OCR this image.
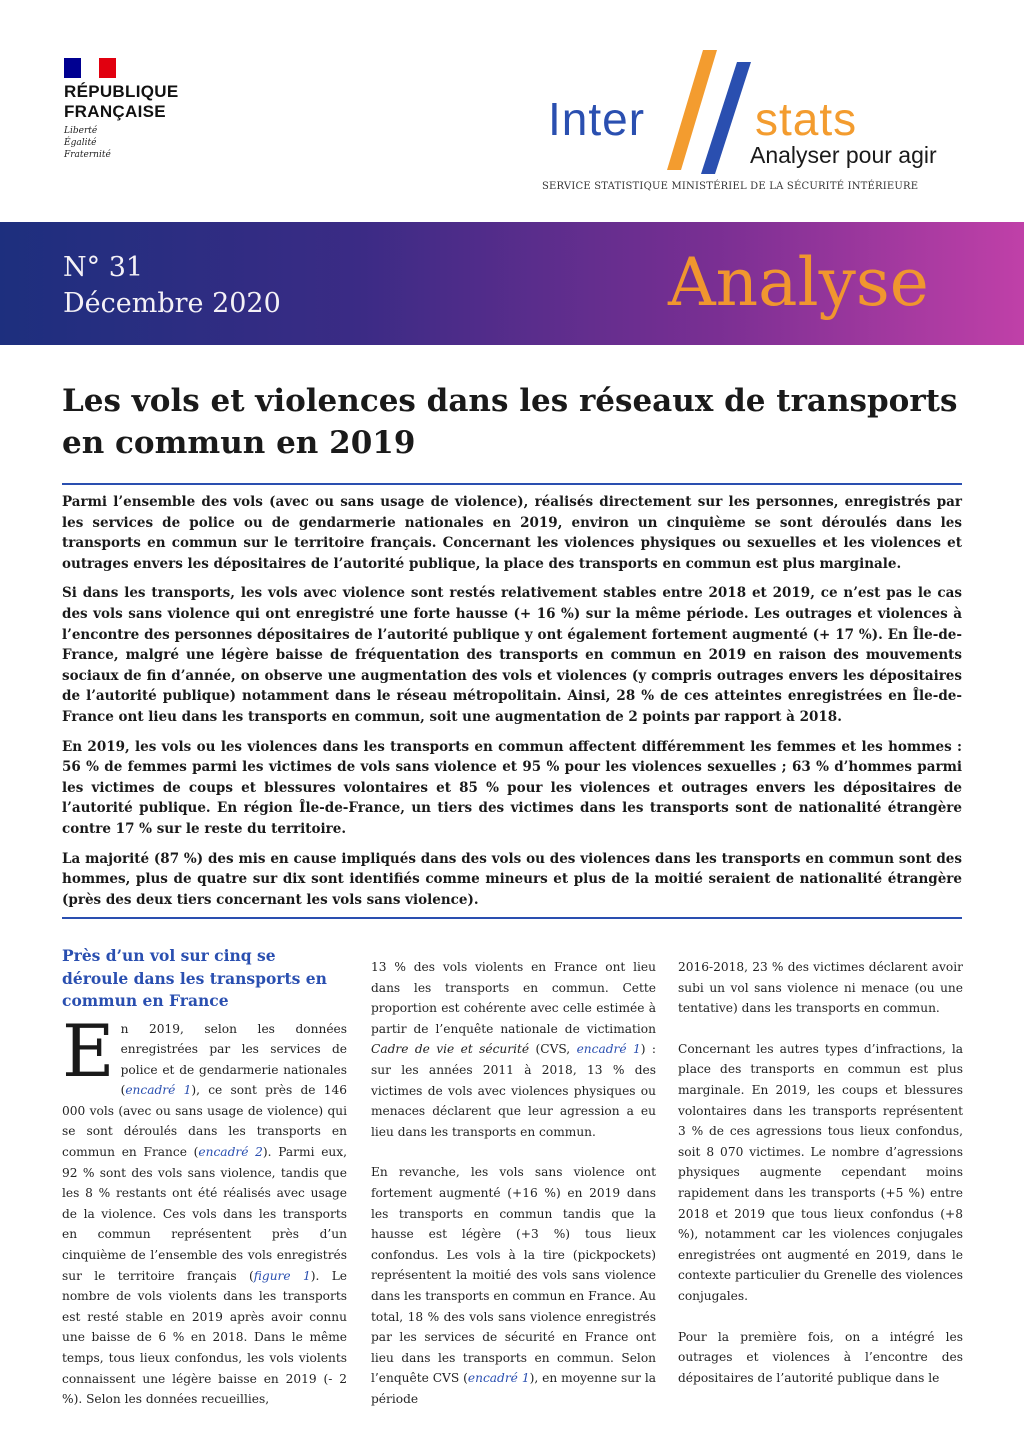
RÉPUBLIQUE
FRANÇAISE
Liberté
Égalité
Fraternité
Inter stats
Analyser pour agir
SERVICE STATISTIQUE MINISTÉRIEL DE LA SÉCURITÉ INTÉRIEURE
N° 31
Décembre 2020	Analyse
Les vols et violences dans les réseaux de transports en commun en 2019

Parmi l’ensemble des vols (avec ou sans usage de violence), réalisés directement sur les personnes, enregistrés par les services de police ou de gendarmerie nationales en 2019, environ un cinquième se sont déroulés dans les transports en commun sur le territoire français. Concernant les violences physiques ou sexuelles et les violences et outrages envers les dépositaires de l’autorité publique, la place des transports en commun est plus marginale.

Si dans les transports, les vols avec violence sont restés relativement stables entre 2018 et 2019, ce n’est pas le cas des vols sans violence qui ont enregistré une forte hausse (+ 16 %) sur la même période. Les outrages et violences à l’encontre des personnes dépositaires de l’autorité publique y ont également fortement augmenté (+ 17 %). En Île-de-France, malgré une légère baisse de fréquentation des transports en commun en 2019 en raison des mouvements sociaux de fin d’année, on observe une augmentation des vols et violences (y compris outrages envers les dépositaires de l’autorité publique) notamment dans le réseau métropolitain. Ainsi, 28 % de ces atteintes enregistrées en Île-de-France ont lieu dans les transports en commun, soit une augmentation de 2 points par rapport à 2018.

En 2019, les vols ou les violences dans les transports en commun affectent différemment les femmes et les hommes : 56 % de femmes parmi les victimes de vols sans violence et 95 % pour les violences sexuelles ; 63 % d’hommes parmi les victimes de coups et blessures volontaires et 85 % pour les violences et outrages envers les dépositaires de l’autorité publique. En région Île-de-France, un tiers des victimes dans les transports sont de nationalité étrangère contre 17 % sur le reste du territoire.

La majorité (87 %) des mis en cause impliqués dans des vols ou des violences dans les transports en commun sont des hommes, plus de quatre sur dix sont identifiés comme mineurs et plus de la moitié seraient de nationalité étrangère (près des deux tiers concernant les vols sans violence).

Près d’un vol sur cinq se déroule dans les transports en commun en France

En 2019, selon les données enregistrées par les services de police et de gendarmerie nationales (encadré 1), ce sont près de 146 000 vols (avec ou sans usage de violence) qui se sont déroulés dans les transports en commun en France (encadré 2). Parmi eux, 92 % sont des vols sans violence, tandis que les 8 % restants ont été réalisés avec usage de la violence. Ces vols dans les transports en commun représentent près d’un cinquième de l’ensemble des vols enregistrés sur le territoire français (figure 1). Le nombre de vols violents dans les transports est resté stable en 2019 après avoir connu une baisse de 6 % en 2018. Dans le même temps, tous lieux confondus, les vols violents connaissent une légère baisse en 2019 (- 2 %). Selon les données recueillies,

13 % des vols violents en France ont lieu dans les transports en commun. Cette proportion est cohérente avec celle estimée à partir de l’enquête nationale de victimation Cadre de vie et sécurité (CVS, encadré 1) : sur les années 2011 à 2018, 13 % des victimes de vols avec violences physiques ou menaces déclarent que leur agression a eu lieu dans les transports en commun.

En revanche, les vols sans violence ont fortement augmenté (+16 %) en 2019 dans les transports en commun tandis que la hausse est légère (+3 %) tous lieux confondus. Les vols à la tire (pickpockets) représentent la moitié des vols sans violence dans les transports en commun en France. Au total, 18 % des vols sans violence enregistrés par les services de sécurité en France ont lieu dans les transports en commun. Selon l’enquête CVS (encadré 1), en moyenne sur la période

2016-2018, 23 % des victimes déclarent avoir subi un vol sans violence ni menace (ou une tentative) dans les transports en commun.

Concernant les autres types d’infractions, la place des transports en commun est plus marginale. En 2019, les coups et blessures volontaires dans les transports représentent 3 % de ces agressions tous lieux confondus, soit 8 070 victimes. Le nombre d’agressions physiques augmente cependant moins rapidement dans les transports (+5 %) entre 2018 et 2019 que tous lieux confondus (+8 %), notamment car les violences conjugales enregistrées ont augmenté en 2019, dans le contexte particulier du Grenelle des violences conjugales.

Pour la première fois, on a intégré les outrages et violences à l’encontre des dépositaires de l’autorité publique dans le
